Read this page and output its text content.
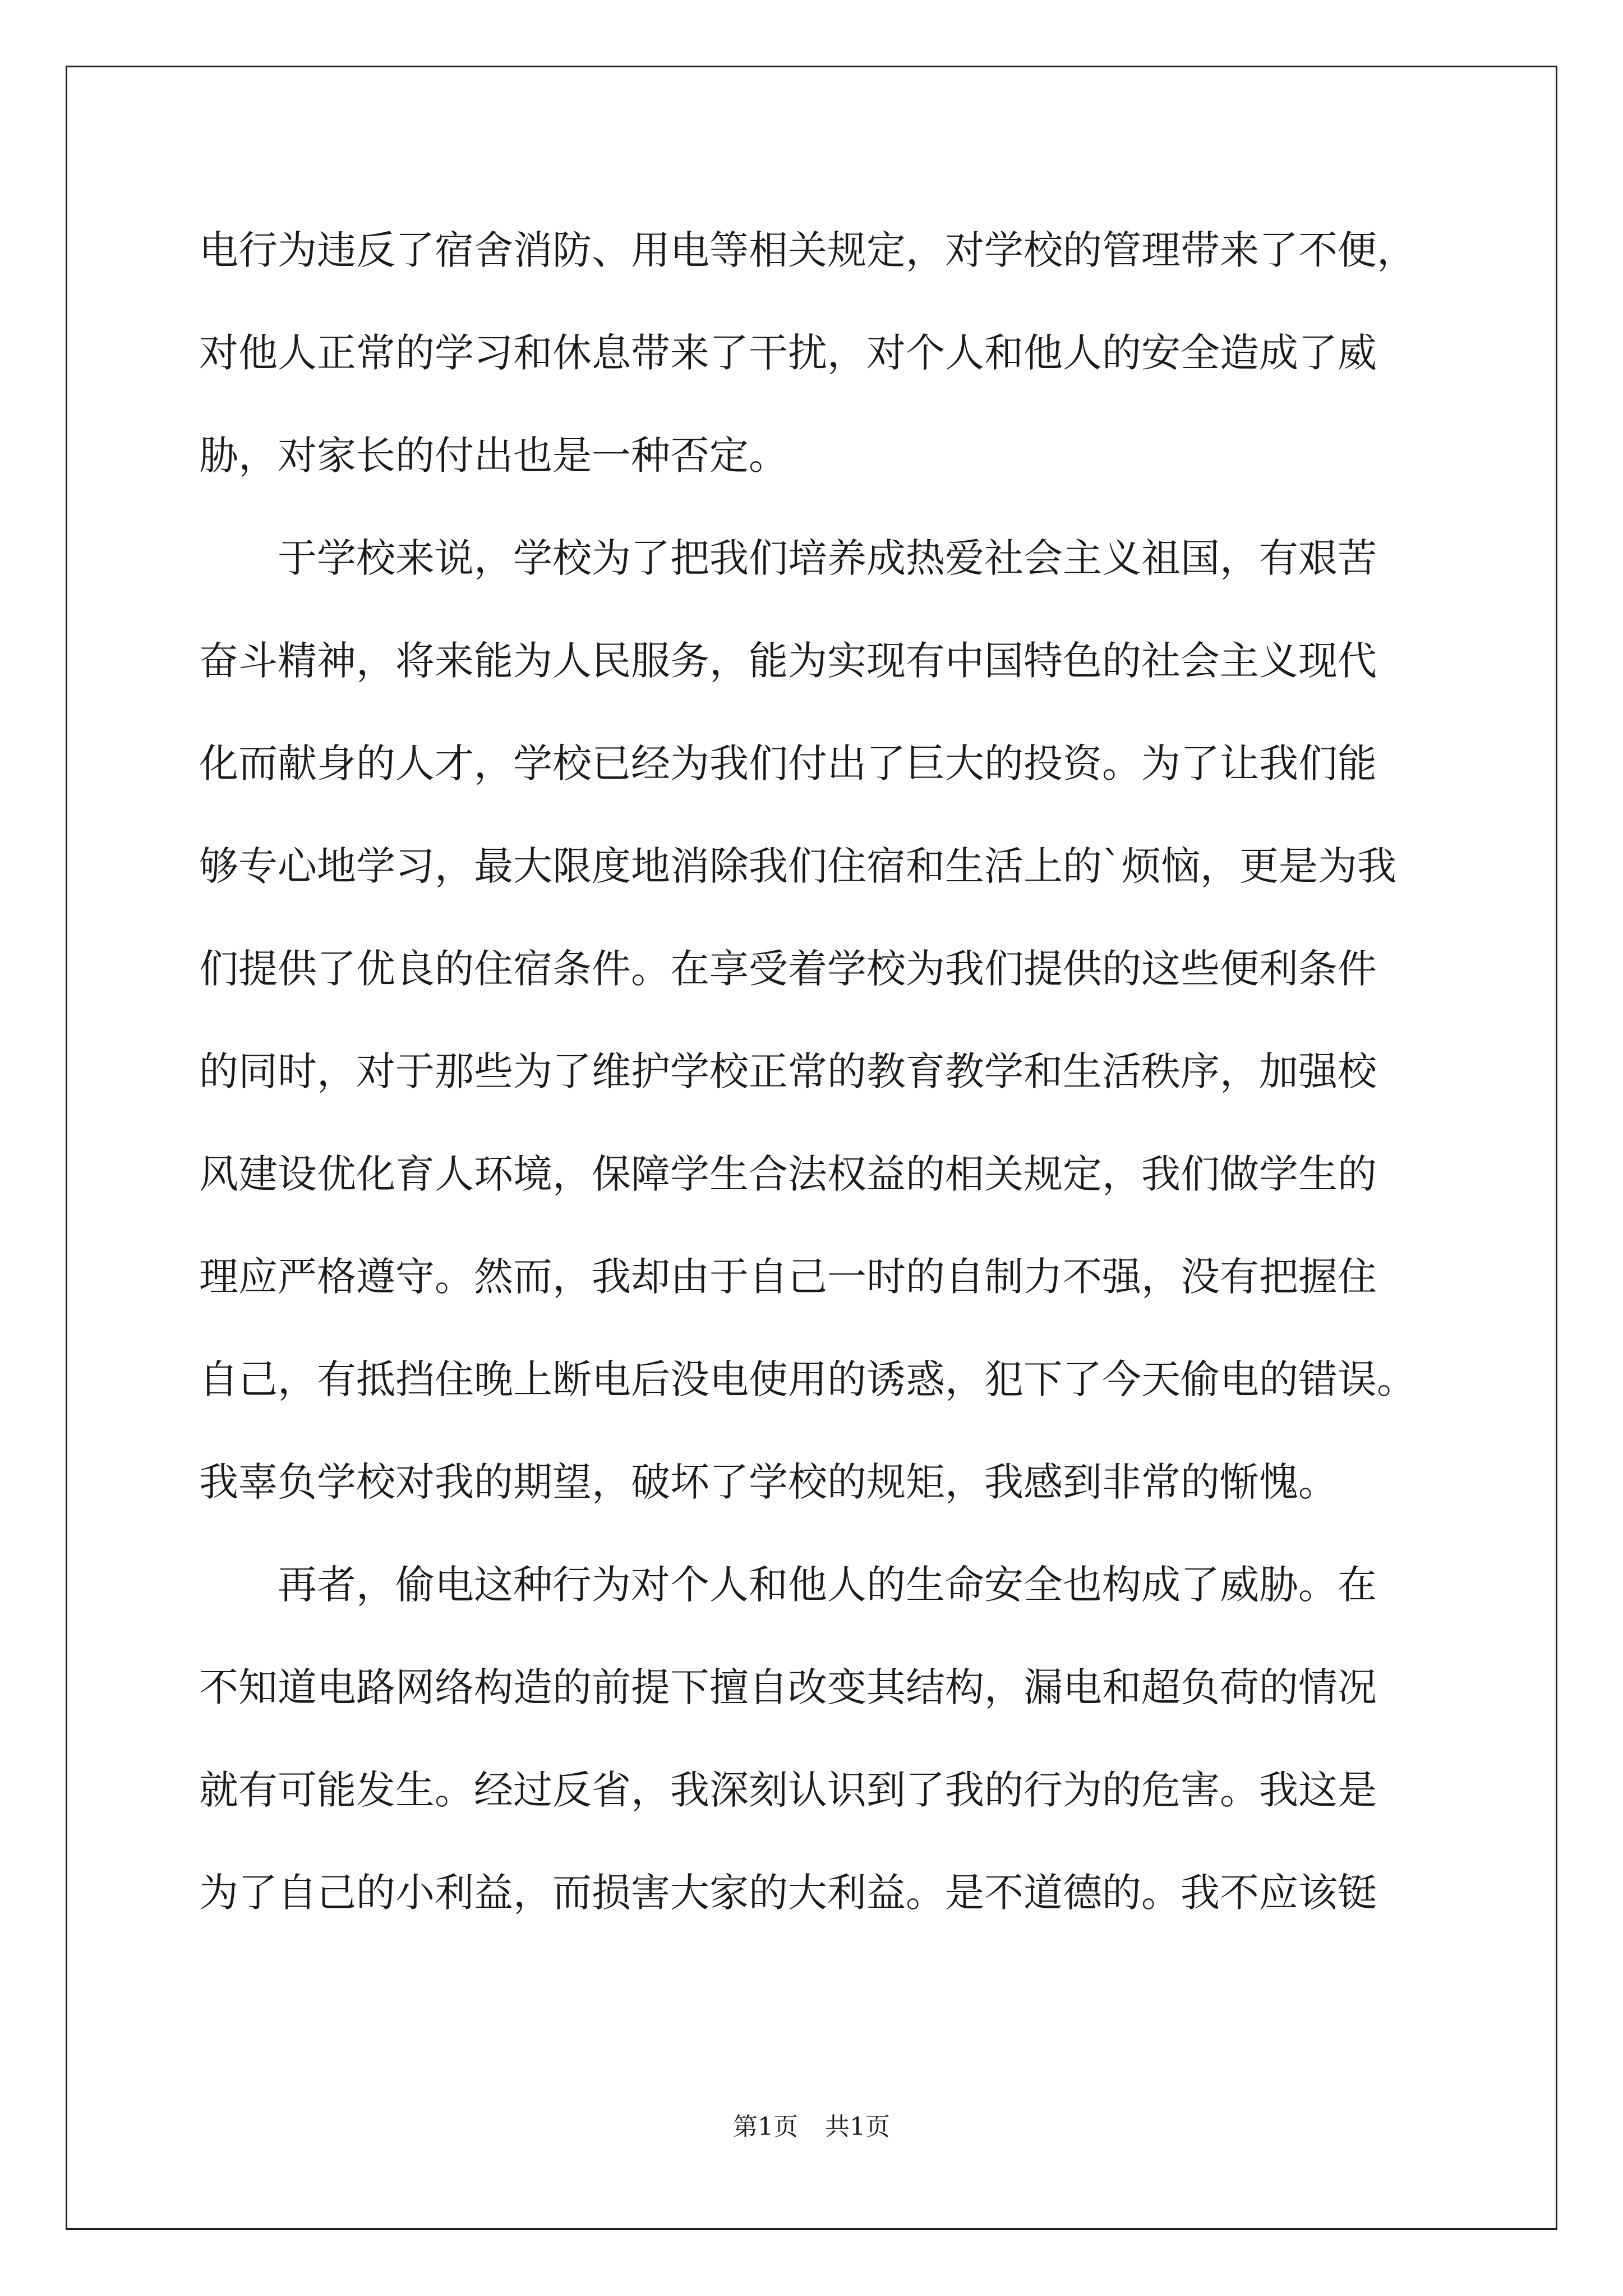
电行为违反了宿舍消防、用电等相关规定，对学校的管理带来了不便，
对他人正常的学习和休息带来了干扰，对个人和他人的安全造成了威
胁，对家长的付出也是一种否定。
于学校来说，学校为了把我们培养成热爱社会主义祖国，有艰苦
奋斗精神，将来能为人民服务，能为实现有中国特色的社会主义现代
化而献身的人才，学校已经为我们付出了巨大的投资。为了让我们能
够专心地学习，最大限度地消除我们住宿和生活上的`烦恼，更是为我
们提供了优良的住宿条件。在享受着学校为我们提供的这些便利条件
的同时，对于那些为了维护学校正常的教育教学和生活秩序，加强校
风建设优化育人环境，保障学生合法权益的相关规定，我们做学生的
理应严格遵守。然而，我却由于自己一时的自制力不强，没有把握住
自己，有抵挡住晚上断电后没电使用的诱惑，犯下了今天偷电的错误。
我辜负学校对我的期望，破坏了学校的规矩，我感到非常的惭愧。
再者，偷电这种行为对个人和他人的生命安全也构成了威胁。在
不知道电路网络构造的前提下擅自改变其结构，漏电和超负荷的情况
就有可能发生。经过反省，我深刻认识到了我的行为的危害。我这是
为了自己的小利益，而损害大家的大利益。是不道德的。我不应该铤
第1页 共1页
